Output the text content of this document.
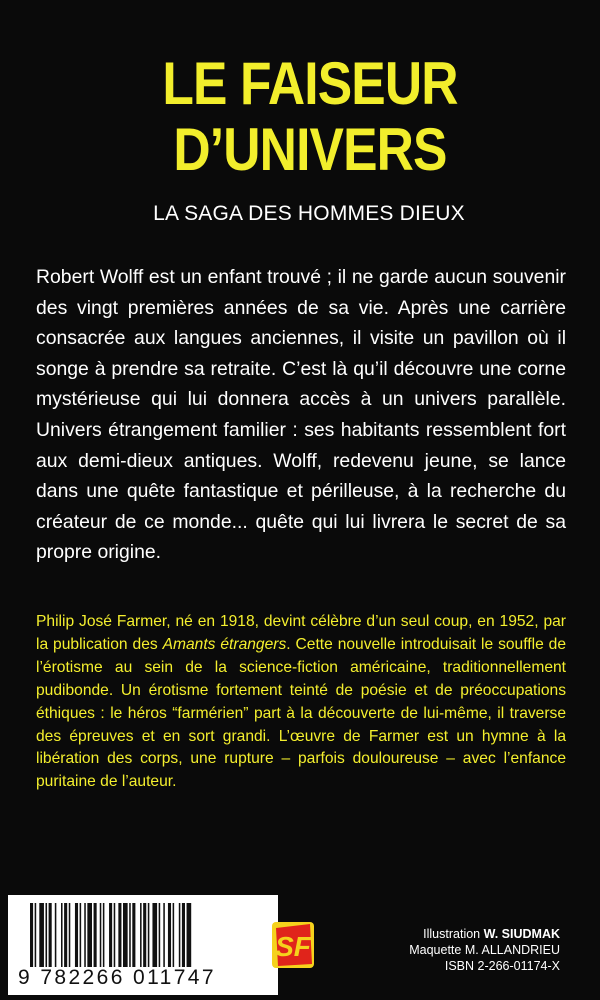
LE FAISEUR
D’UNIVERS
LA SAGA DES HOMMES DIEUX

Robert Wolff est un enfant trouvé ; il ne garde aucun souvenir des vingt premières années de sa vie. Après une carrière consacrée aux langues anciennes, il visite un pavillon où il songe à prendre sa retraite. C’est là qu’il découvre une corne mystérieuse qui lui donnera accès à un univers parallèle. Univers étrangement familier : ses habitants ressemblent fort aux demi-dieux antiques. Wolff, redevenu jeune, se lance dans une quête fantastique et périlleuse, à la recherche du créateur de ce monde... quête qui lui livrera le secret de sa propre origine.

Philip José Farmer, né en 1918, devint célèbre d’un seul coup, en 1952, par la publication des Amants étrangers. Cette nouvelle introduisait le souffle de l’érotisme au sein de la science-fiction américaine, traditionnellement pudibonde. Un érotisme fortement teinté de poésie et de préoccupations éthiques : le héros “farmérien” part à la découverte de lui-même, il traverse des épreuves et en sort grandi. L’œuvre de Farmer est un hymne à la libération des corps, une rupture – parfois douloureuse – avec l’enfance puritaine de l’auteur.

9 782266 011747
SF	Illustration W. SIUDMAK
Maquette M. ALLANDRIEU
ISBN 2-266-01174-X
